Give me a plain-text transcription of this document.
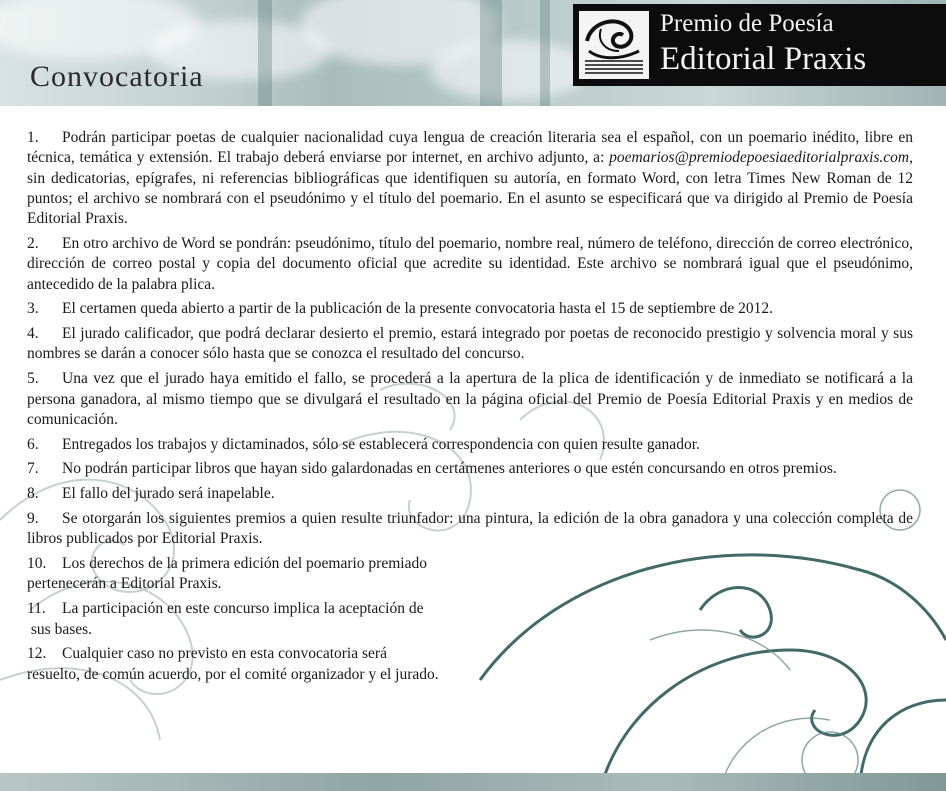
Convocatoria
Premio de Poesía
Editorial Praxis

1. Podrán participar poetas de cualquier nacionalidad cuya lengua de creación literaria sea el español, con un poemario inédito, libre en técnica, temática y extensión. El trabajo deberá enviarse por internet, en archivo adjunto, a: poemarios@premiodepoesiaeditorialpraxis.com, sin dedicatorias, epígrafes, ni referencias bibliográficas que identifiquen su autoría, en formato Word, con letra Times New Roman de 12 puntos; el archivo se nombrará con el pseudónimo y el título del poemario. En el asunto se especificará que va dirigido al Premio de Poesía Editorial Praxis.

2. En otro archivo de Word se pondrán: pseudónimo, título del poemario, nombre real, número de teléfono, dirección de correo electrónico, dirección de correo postal y copia del documento oficial que acredite su identidad. Este archivo se nombrará igual que el pseudónimo, antecedido de la palabra plica.

3. El certamen queda abierto a partir de la publicación de la presente convocatoria hasta el 15 de septiembre de 2012.

4. El jurado calificador, que podrá declarar desierto el premio, estará integrado por poetas de reconocido prestigio y solvencia moral y sus nombres se darán a conocer sólo hasta que se conozca el resultado del concurso.

5. Una vez que el jurado haya emitido el fallo, se procederá a la apertura de la plica de identificación y de inmediato se notificará a la persona ganadora, al mismo tiempo que se divulgará el resultado en la página oficial del Premio de Poesía Editorial Praxis y en medios de comunicación.

6. Entregados los trabajos y dictaminados, sólo se establecerá correspondencia con quien resulte ganador.

7. No podrán participar libros que hayan sido galardonadas en certámenes anteriores o que estén concursando en otros premios.

8. El fallo del jurado será inapelable.

9. Se otorgarán los siguientes premios a quien resulte triunfador: una pintura, la edición de la obra ganadora y una colección completa de libros publicados por Editorial Praxis.

10. Los derechos de la primera edición del poemario premiado
pertenecerán a Editorial Praxis.

11. La participación en este concurso implica la aceptación de
sus bases.

12. Cualquier caso no previsto en esta convocatoria será
resuelto, de común acuerdo, por el comité organizador y el jurado.
